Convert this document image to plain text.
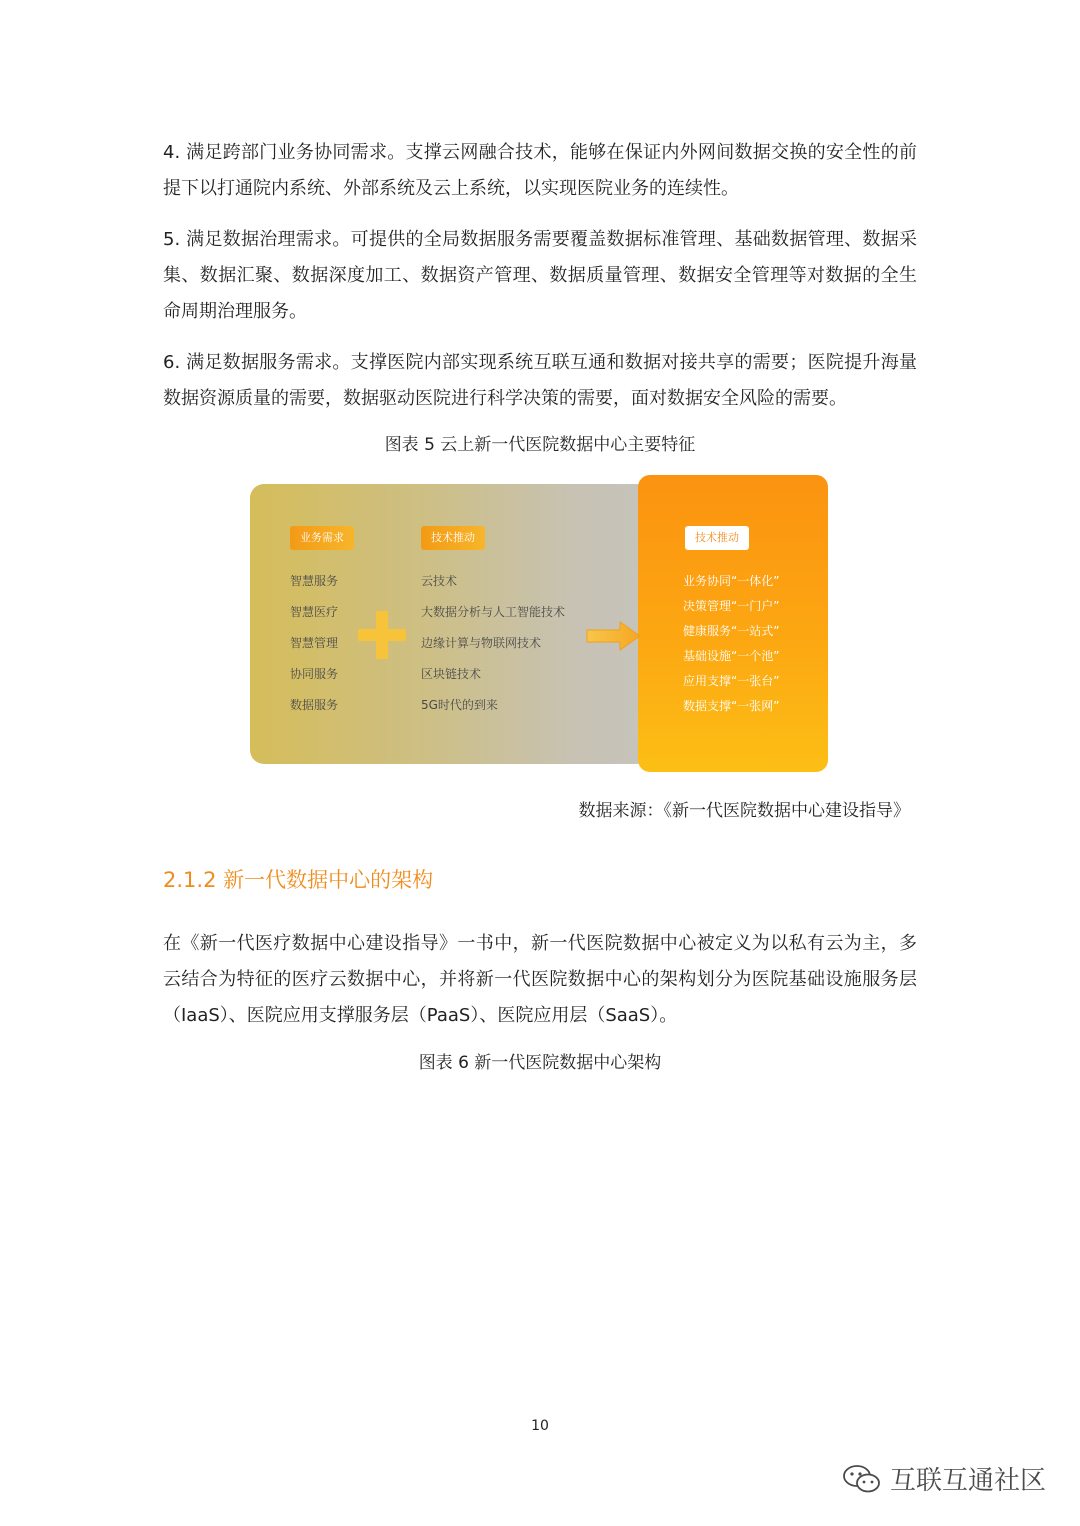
4. 满足跨部门业务协同需求。支撑云网融合技术，能够在保证内外网间数据交换的安全性的前提下以打通院内系统、外部系统及云上系统，以实现医院业务的连续性。

5. 满足数据治理需求。可提供的全局数据服务需要覆盖数据标准管理、基础数据管理、数据采集、数据汇聚、数据深度加工、数据资产管理、数据质量管理、数据安全管理等对数据的全生命周期治理服务。

6. 满足数据服务需求。支撑医院内部实现系统互联互通和数据对接共享的需要；医院提升海量数据资源质量的需要，数据驱动医院进行科学决策的需要，面对数据安全风险的需要。

图表 5 云上新一代医院数据中心主要特征

业务需求	技术推动	技术推动
智慧服务
智慧医疗
智慧管理
协同服务
数据服务
云技术
大数据分析与人工智能技术
边缘计算与物联网技术
区块链技术
5G时代的到来
业务协同“一体化”
决策管理“一门户”
健康服务“一站式”
基础设施“一个池”
应用支撑“一张台”
数据支撑“一张网”

数据来源：《新一代医院数据中心建设指导》

2.1.2 新一代数据中心的架构

在《新一代医疗数据中心建设指导》一书中，新一代医院数据中心被定义为以私有云为主，多云结合为特征的医疗云数据中心，并将新一代医院数据中心的架构划分为医院基础设施服务层（IaaS）、医院应用支撑服务层（PaaS）、医院应用层（SaaS）。

图表 6 新一代医院数据中心架构

10
互联互通社区
